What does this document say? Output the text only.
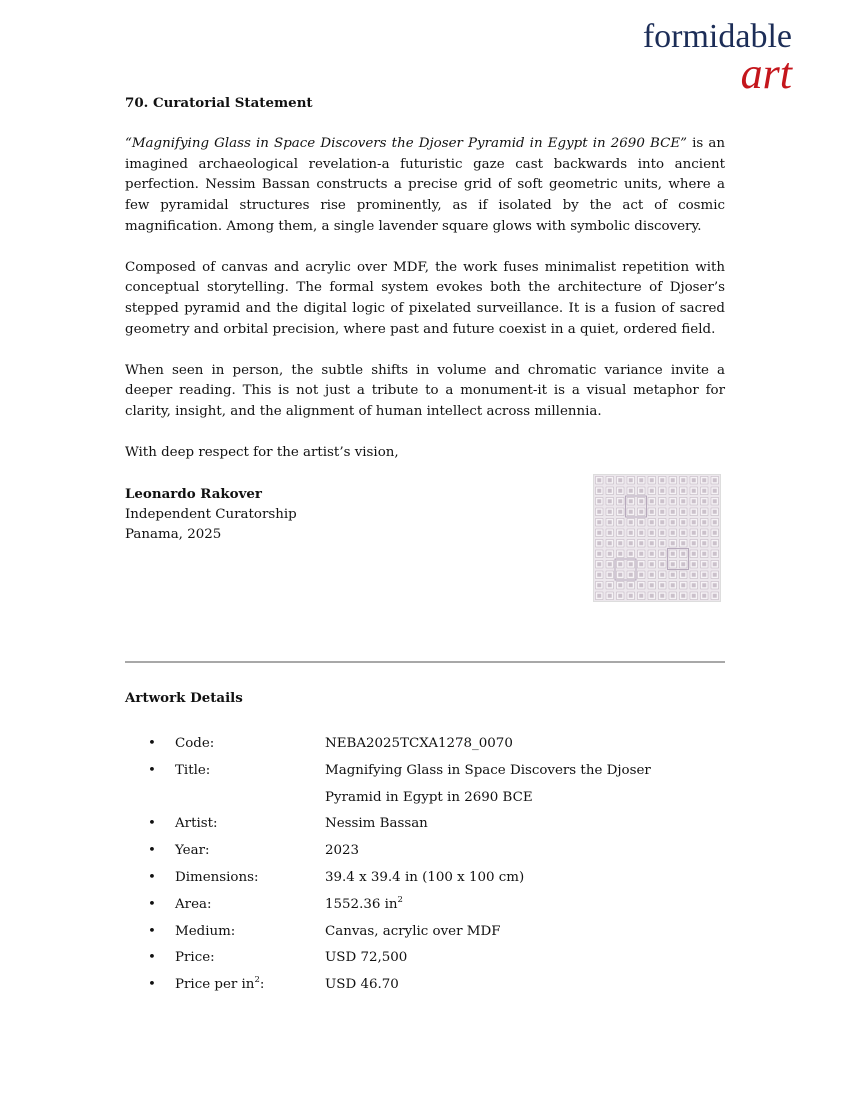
formidable
art

70. Curatorial Statement

“Magnifying Glass in Space Discovers the Djoser Pyramid in Egypt in 2690 BCE” is an imagined archaeological revelation-a futuristic gaze cast backwards into ancient perfection. Nessim Bassan constructs a precise grid of soft geometric units, where a few pyramidal structures rise prominently, as if isolated by the act of cosmic magnification. Among them, a single lavender square glows with symbolic discovery.

Composed of canvas and acrylic over MDF, the work fuses minimalist repetition with conceptual storytelling. The formal system evokes both the architecture of Djoser’s stepped pyramid and the digital logic of pixelated surveillance. It is a fusion of sacred geometry and orbital precision, where past and future coexist in a quiet, ordered field.

When seen in person, the subtle shifts in volume and chromatic variance invite a deeper reading. This is not just a tribute to a monument-it is a visual metaphor for clarity, insight, and the alignment of human intellect across millennia.

With deep respect for the artist’s vision,

Leonardo Rakover

Independent Curatorship

Panama, 2025

Artwork Details
• Code:	NEBA2025TCXA1278_0070
• Title:	Magnifying Glass in Space Discovers the Djoser Pyramid in Egypt in 2690 BCE
• Artist:	Nessim Bassan
• Year:	2023
• Dimensions:	39.4 x 39.4 in (100 x 100 cm)
• Area:	1552.36 $in^2$
• Medium:	Canvas, acrylic over MDF
• Price:	USD 72,500
• Price per $in^2$:	USD 46.70
